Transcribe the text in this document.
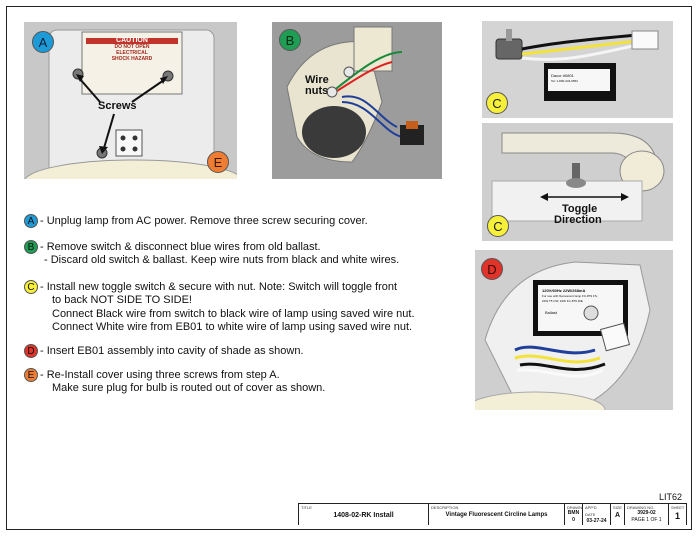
CAUTION
DO NOT OPEN
ELECTRICAL
SHOCK HAZARD
Screws
A
E
Wire
nuts
B
Dacor #0801
Tel: 1-800-343-9553
C
Toggle
Direction
C
120V/60Hz 22W/268mA
For use with fluorescent lamp FC-8T9 FS,
22W T5 CW, 22W FC-8T9 R/E
Ballast
D
A - Unplug lamp from AC power. Remove three screw securing cover.
B - Remove switch & disconnect blue wires from old ballast.
- Discard old switch & ballast. Keep wire nuts from black and white wires.
C - Install new toggle switch & secure with nut. Note: Switch will toggle front
to back NOT SIDE TO SIDE!
Connect Black wire from switch to black wire of lamp using saved wire nut.
Connect White wire from EB01 to white wire of lamp using saved wire nut.
D - Insert EB01 assembly into cavity of shade as shown.
E - Re-Install cover using three screws from step A.
Make sure plug for bulb is routed out of cover as shown.
LIT62
TITLE
1408-02-RK Install
DESCRIPTION
Vintage Fluorescent Circline Lamps
DRAWN
BMN
0
APP'D
DATE
03-27-24
SIZE
A
DRAWING NO.
3929-02
PAGE 1 OF 1
SHEET
1
